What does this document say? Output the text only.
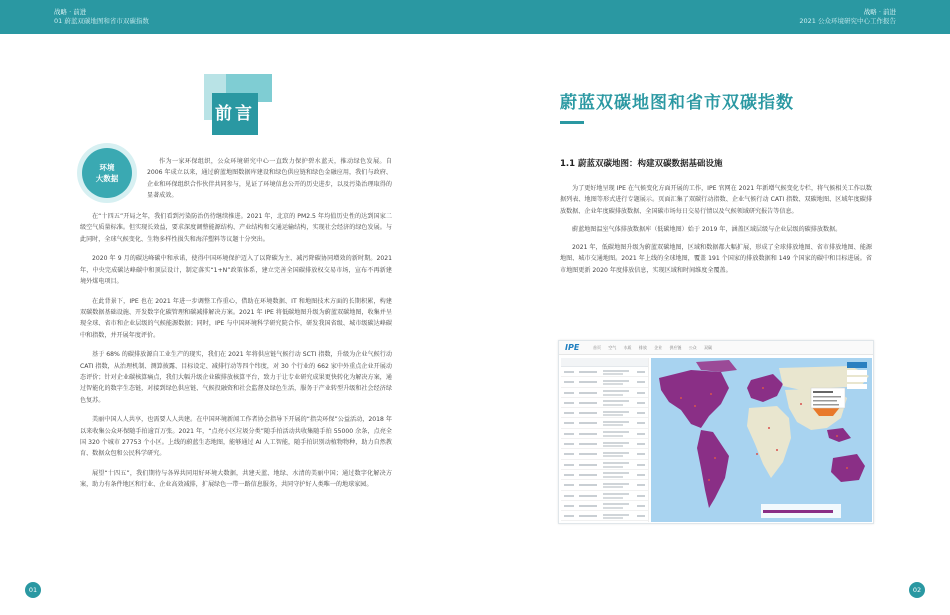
战略 · 前进
01 蔚蓝双碳地图和省市双碳指数
战略 · 前进
2021 公众环境研究中心工作报告
前言
环境
大数据
作为一家环保组织，公众环境研究中心一直致力保护碧水蓝天，推动绿色发展。自 2006 年成立以来，通过蔚蓝地图数据库建设和绿色供应链和绿色金融应用，我们与政府、企业和环保组织合作伙伴共同参与，见证了环境信息公开的历史进步，以及污染治理取得的显著成效。

在“十四五”开局之年，我们看到污染防治仍待继续推进。2021 年，北京的 PM2.5 年均值历史性的达到国家二级空气质量标准。但实现长效益，要求深度调整能源结构、产业结构和交通运输结构，实现社会经济的绿色发展。与此同时，全球气候变化、生物多样性损失和海洋塑料等议题十分突出。

2020 年 9 月的碳达峰碳中和承诺，使得中国环境保护迈入了以降碳为主、减污降碳协同增效的新时期。2021 年，中央完成碳达峰碳中和顶层设计，制定落实“1+N”政策体系，建立完善全国碳排放权交易市场，宣布不再新建境外煤电项目。

在此背景下，IPE 也在 2021 年进一步调整工作重心，借助在环境数据、IT 和地图技术方面的长期积累，构建双碳数据基础设施、开发数字化碳管理和碳减排解决方案。2021 年 IPE 将低碳地图升级为蔚蓝双碳地图，收集并呈现全球、省市和企业层级的气候能源数据；同时，IPE 与中国环境科学研究院合作，研发我国省级、城市级碳达峰碳中和指数，并开展年度评价。

基于 68% 的碳排放源自工业生产的现实，我们在 2021 年将供应链气候行动 SCTI 指数，升级为企业气候行动 CATI 指数，从治理机制、测算披露、目标设定、减排行动等四个纬度，对 30 个行业的 662 家中外重点企业开展动态评价；针对企业碳核算痛点，我们大幅升级企业碳排放核算平台，致力于让专业研究成果更快转化为解决方案，通过智能化的数字生态链，对接到绿色供应链、气候投融资和社会监督及绿色生活，服务于产业转型升级和社会经济绿色复苏。

美丽中国人人共享，也需要人人共建。在中国环境新闻工作者协会指导下开展的“指尖环保”公益活动，2018 年以来收集公众环保随手拍逾百万张。2021 年，“点亮小区垃圾分类”随手拍活动共收集随手拍 55000 余条，点亮全国 320 个城市 27753 个小区。上线的蔚蓝生态地图，能够通过 AI 人工智能，随手拍识别动植物物种，助力自然教育、数据众包和公民科学研究。

展望“十四五”，我们期待与各界共同用好环境大数据，共建天蓝、地绿、水清的美丽中国；通过数字化解决方案，助力有条件地区和行业、企业高效减排，扩展绿色一带一路信息服务，共同守护好人类唯一的地球家园。

01
蔚蓝双碳地图和省市双碳指数
1.1 蔚蓝双碳地图：构建双碳数据基础设施

为了更好地呈现 IPE 在气候变化方面开展的工作，IPE 官网在 2021 年新增气候变化专栏，将气候相关工作以数据列表、地图等形式进行专题展示。页面汇集了双碳行动指数、企业气候行动 CATI 指数、双碳地图、区域年度碳排放数据、企业年度碳排放数据、全国碳市场每日交易行情以及气候领域研究报告等信息。

蔚蓝地图温室气体排放数据库（低碳地图）始于 2019 年，涵盖区域层级与企业层级的碳排放数据。

2021 年，低碳地图升级为蔚蓝双碳地图，区域和数据都大幅扩展，形成了全球排放地图、省市排放地图、能源地图、城市交通地图。2021 年上线的全球地图，覆盖 191 个国家的排放数据和 149 个国家的碳中和目标进展。省市地图更新 2020 年度排放信息，实现区域和时间维度全覆盖。

IPE	首页 空气 水质 排放 企业 供应链 公众 双碳
02
